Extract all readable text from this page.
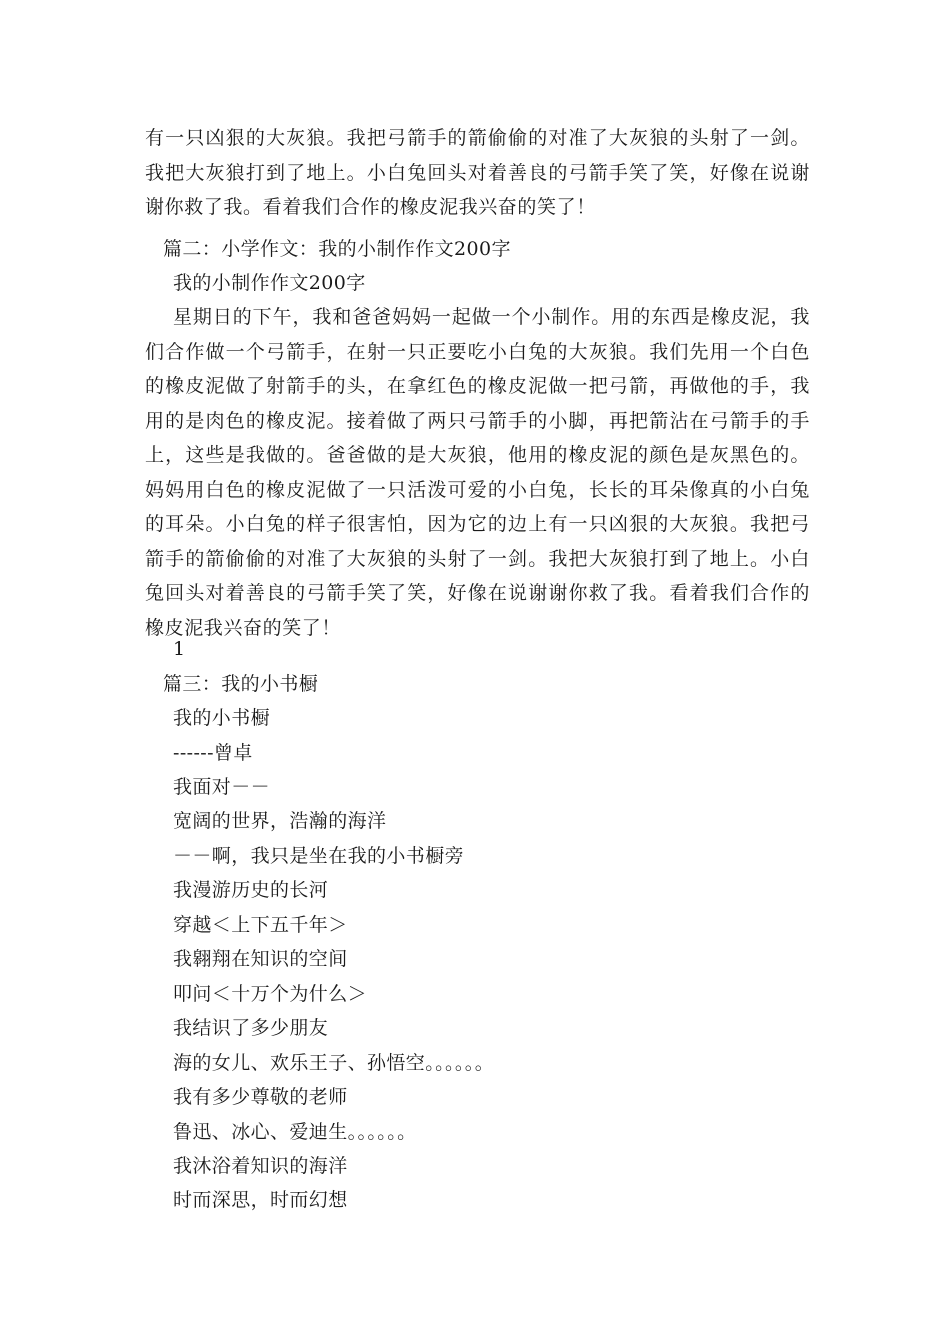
有一只凶狠的大灰狼。我把弓箭手的箭偷偷的对准了大灰狼的头射了一剑。我把大灰狼打到了地上。小白兔回头对着善良的弓箭手笑了笑，好像在说谢谢你救了我。看着我们合作的橡皮泥我兴奋的笑了！
篇二：小学作文：我的小制作作文200字
我的小制作作文200字
星期日的下午，我和爸爸妈妈一起做一个小制作。用的东西是橡皮泥，我们合作做一个弓箭手，在射一只正要吃小白兔的大灰狼。我们先用一个白色的橡皮泥做了射箭手的头，在拿红色的橡皮泥做一把弓箭，再做他的手，我用的是肉色的橡皮泥。接着做了两只弓箭手的小脚，再把箭沾在弓箭手的手上，这些是我做的。爸爸做的是大灰狼，他用的橡皮泥的颜色是灰黑色的。妈妈用白色的橡皮泥做了一只活泼可爱的小白兔，长长的耳朵像真的小白兔的耳朵。小白兔的样子很害怕，因为它的边上有一只凶狠的大灰狼。我把弓箭手的箭偷偷的对准了大灰狼的头射了一剑。我把大灰狼打到了地上。小白兔回头对着善良的弓箭手笑了笑，好像在说谢谢你救了我。看着我们合作的橡皮泥我兴奋的笑了！
1
篇三：我的小书橱
我的小书橱
------曾卓
我面对－－
宽阔的世界，浩瀚的海洋
－－啊，我只是坐在我的小书橱旁
我漫游历史的长河
穿越＜上下五千年＞
我翱翔在知识的空间
叩问＜十万个为什么＞
我结识了多少朋友
海的女儿、欢乐王子、孙悟空。。。。。。
我有多少尊敬的老师
鲁迅、冰心、爱迪生。。。。。。
我沐浴着知识的海洋
时而深思，时而幻想
